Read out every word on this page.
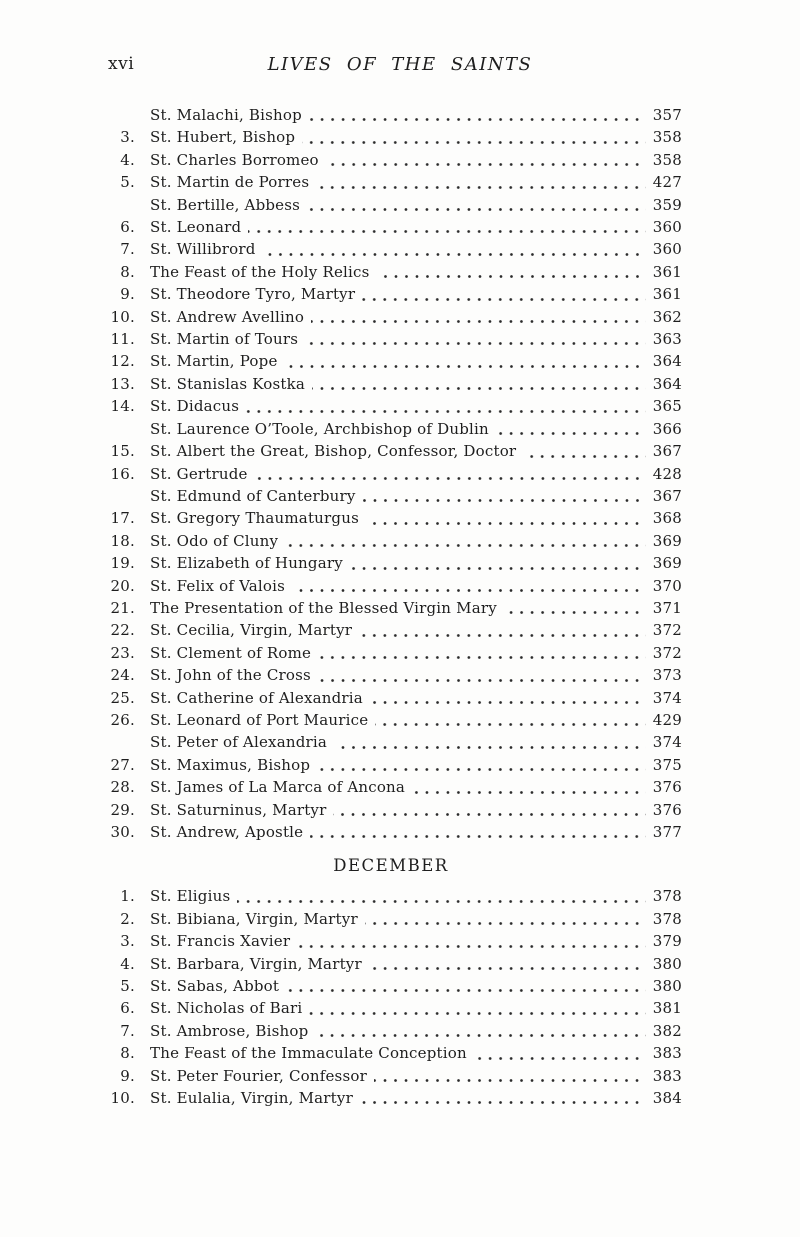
xvi	LIVES OF THE SAINTS
St. Malachi, Bishop	357
3. St. Hubert, Bishop	358
4. St. Charles Borromeo	358
5. St. Martin de Porres	427
St. Bertille, Abbess	359
6. St. Leonard	360
7. St. Willibrord	360
8. The Feast of the Holy Relics	361
9. St. Theodore Tyro, Martyr	361
10. St. Andrew Avellino	362
11. St. Martin of Tours	363
12. St. Martin, Pope	364
13. St. Stanislas Kostka	364
14. St. Didacus	365
St. Laurence O’Toole, Archbishop of Dublin	366
15. St. Albert the Great, Bishop, Confessor, Doctor	367
16. St. Gertrude	428
St. Edmund of Canterbury	367
17. St. Gregory Thaumaturgus	368
18. St. Odo of Cluny	369
19. St. Elizabeth of Hungary	369
20. St. Felix of Valois	370
21. The Presentation of the Blessed Virgin Mary	371
22. St. Cecilia, Virgin, Martyr	372
23. St. Clement of Rome	372
24. St. John of the Cross	373
25. St. Catherine of Alexandria	374
26. St. Leonard of Port Maurice	429
St. Peter of Alexandria	374
27. St. Maximus, Bishop	375
28. St. James of La Marca of Ancona	376
29. St. Saturninus, Martyr	376
30. St. Andrew, Apostle	377
DECEMBER
1. St. Eligius	378
2. St. Bibiana, Virgin, Martyr	378
3. St. Francis Xavier	379
4. St. Barbara, Virgin, Martyr	380
5. St. Sabas, Abbot	380
6. St. Nicholas of Bari	381
7. St. Ambrose, Bishop	382
8. The Feast of the Immaculate Conception	383
9. St. Peter Fourier, Confessor	383
10. St. Eulalia, Virgin, Martyr	384
